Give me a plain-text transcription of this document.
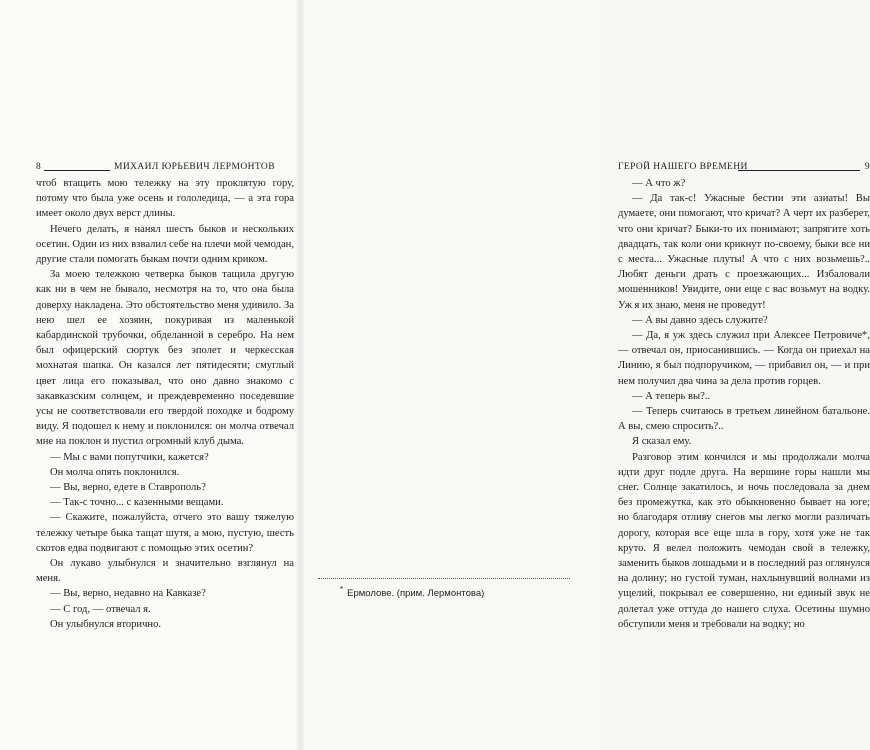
8	МИХАИЛ ЮРЬЕВИЧ ЛЕРМОНТОВ

чтоб втащить мою тележку на эту проклятую гору, потому что была уже осень и гололедица, — а эта гора имеет около двух верст длины.

Нечего делать, я нанял шесть быков и нескольких осетин. Один из них взвалил себе на плечи мой чемодан, другие стали помогать быкам почти одним криком.

За моею тележкою четверка быков тащила другую как ни в чем не бывало, несмотря на то, что она была доверху накладена. Это обстоятельство меня удивило. За нею шел ее хозяин, покуривая из маленькой кабардинской трубочки, обделанной в серебро. На нем был офицерский сюртук без эполет и черкесская мохнатая шапка. Он казался лет пятидесяти; смуглый цвет лица его показывал, что оно давно знакомо с закавказским солнцем, и преждевременно поседевшие усы не соответствовали его твердой походке и бодрому виду. Я подошел к нему и поклонился: он молча отвечал мне на поклон и пустил огромный клуб дыма.

— Мы с вами попутчики, кажется?

Он молча опять поклонился.

— Вы, верно, едете в Ставрополь?

— Так-с точно... с казенными вещами.

— Скажите, пожалуйста, отчего это вашу тяжелую тележку четыре быка тащат шутя, а мою, пустую, шесть скотов едва подвигают с помощью этих осетин?

Он лукаво улыбнулся и значительно взглянул на меня.

— Вы, верно, недавно на Кавказе?

— С год, — отвечал я.

Он улыбнулся вторично.

ГЕРОЙ НАШЕГО ВРЕМЕНИ	9

— А что ж?

— Да так-с! Ужасные бестии эти азиаты! Вы думаете, они помогают, что кричат? А черт их разберет, что они кричат? Быки-то их понимают; запрягите хоть двадцать, так коли они крикнут по-своему, быки все ни с места... Ужасные плуты! А что с них возьмешь?.. Любят деньги драть с проезжающих... Избаловали мошенников! Увидите, они еще с вас возьмут на водку. Уж я их знаю, меня не проведут!

— А вы давно здесь служите?

— Да, я уж здесь служил при Алексее Петровиче*, — отвечал он, приосанившись. — Когда он приехал на Линию, я был подпоручиком, — прибавил он, — и при нем получил два чина за дела против горцев.

— А теперь вы?..

— Теперь считаюсь в третьем линейном батальоне. А вы, смею спросить?..

Я сказал ему.

Разговор этим кончился и мы продолжали молча идти друг подле друга. На вершине горы нашли мы снег. Солнце закатилось, и ночь последовала за днем без промежутка, как это обыкновенно бывает на юге; но благодаря отливу снегов мы легко могли различать дорогу, которая все еще шла в гору, хотя уже не так круто. Я велел положить чемодан свой в тележку, заменить быков лошадьми и в последний раз оглянулся на долину; но густой туман, нахлынувший волнами из ущелий, покрывал ее совершенно, ни единый звук не долетал уже оттуда до нашего слуха. Осетины шумно обступили меня и требовали на водку; но

* Ермолове. (прим. Лермонтова)
